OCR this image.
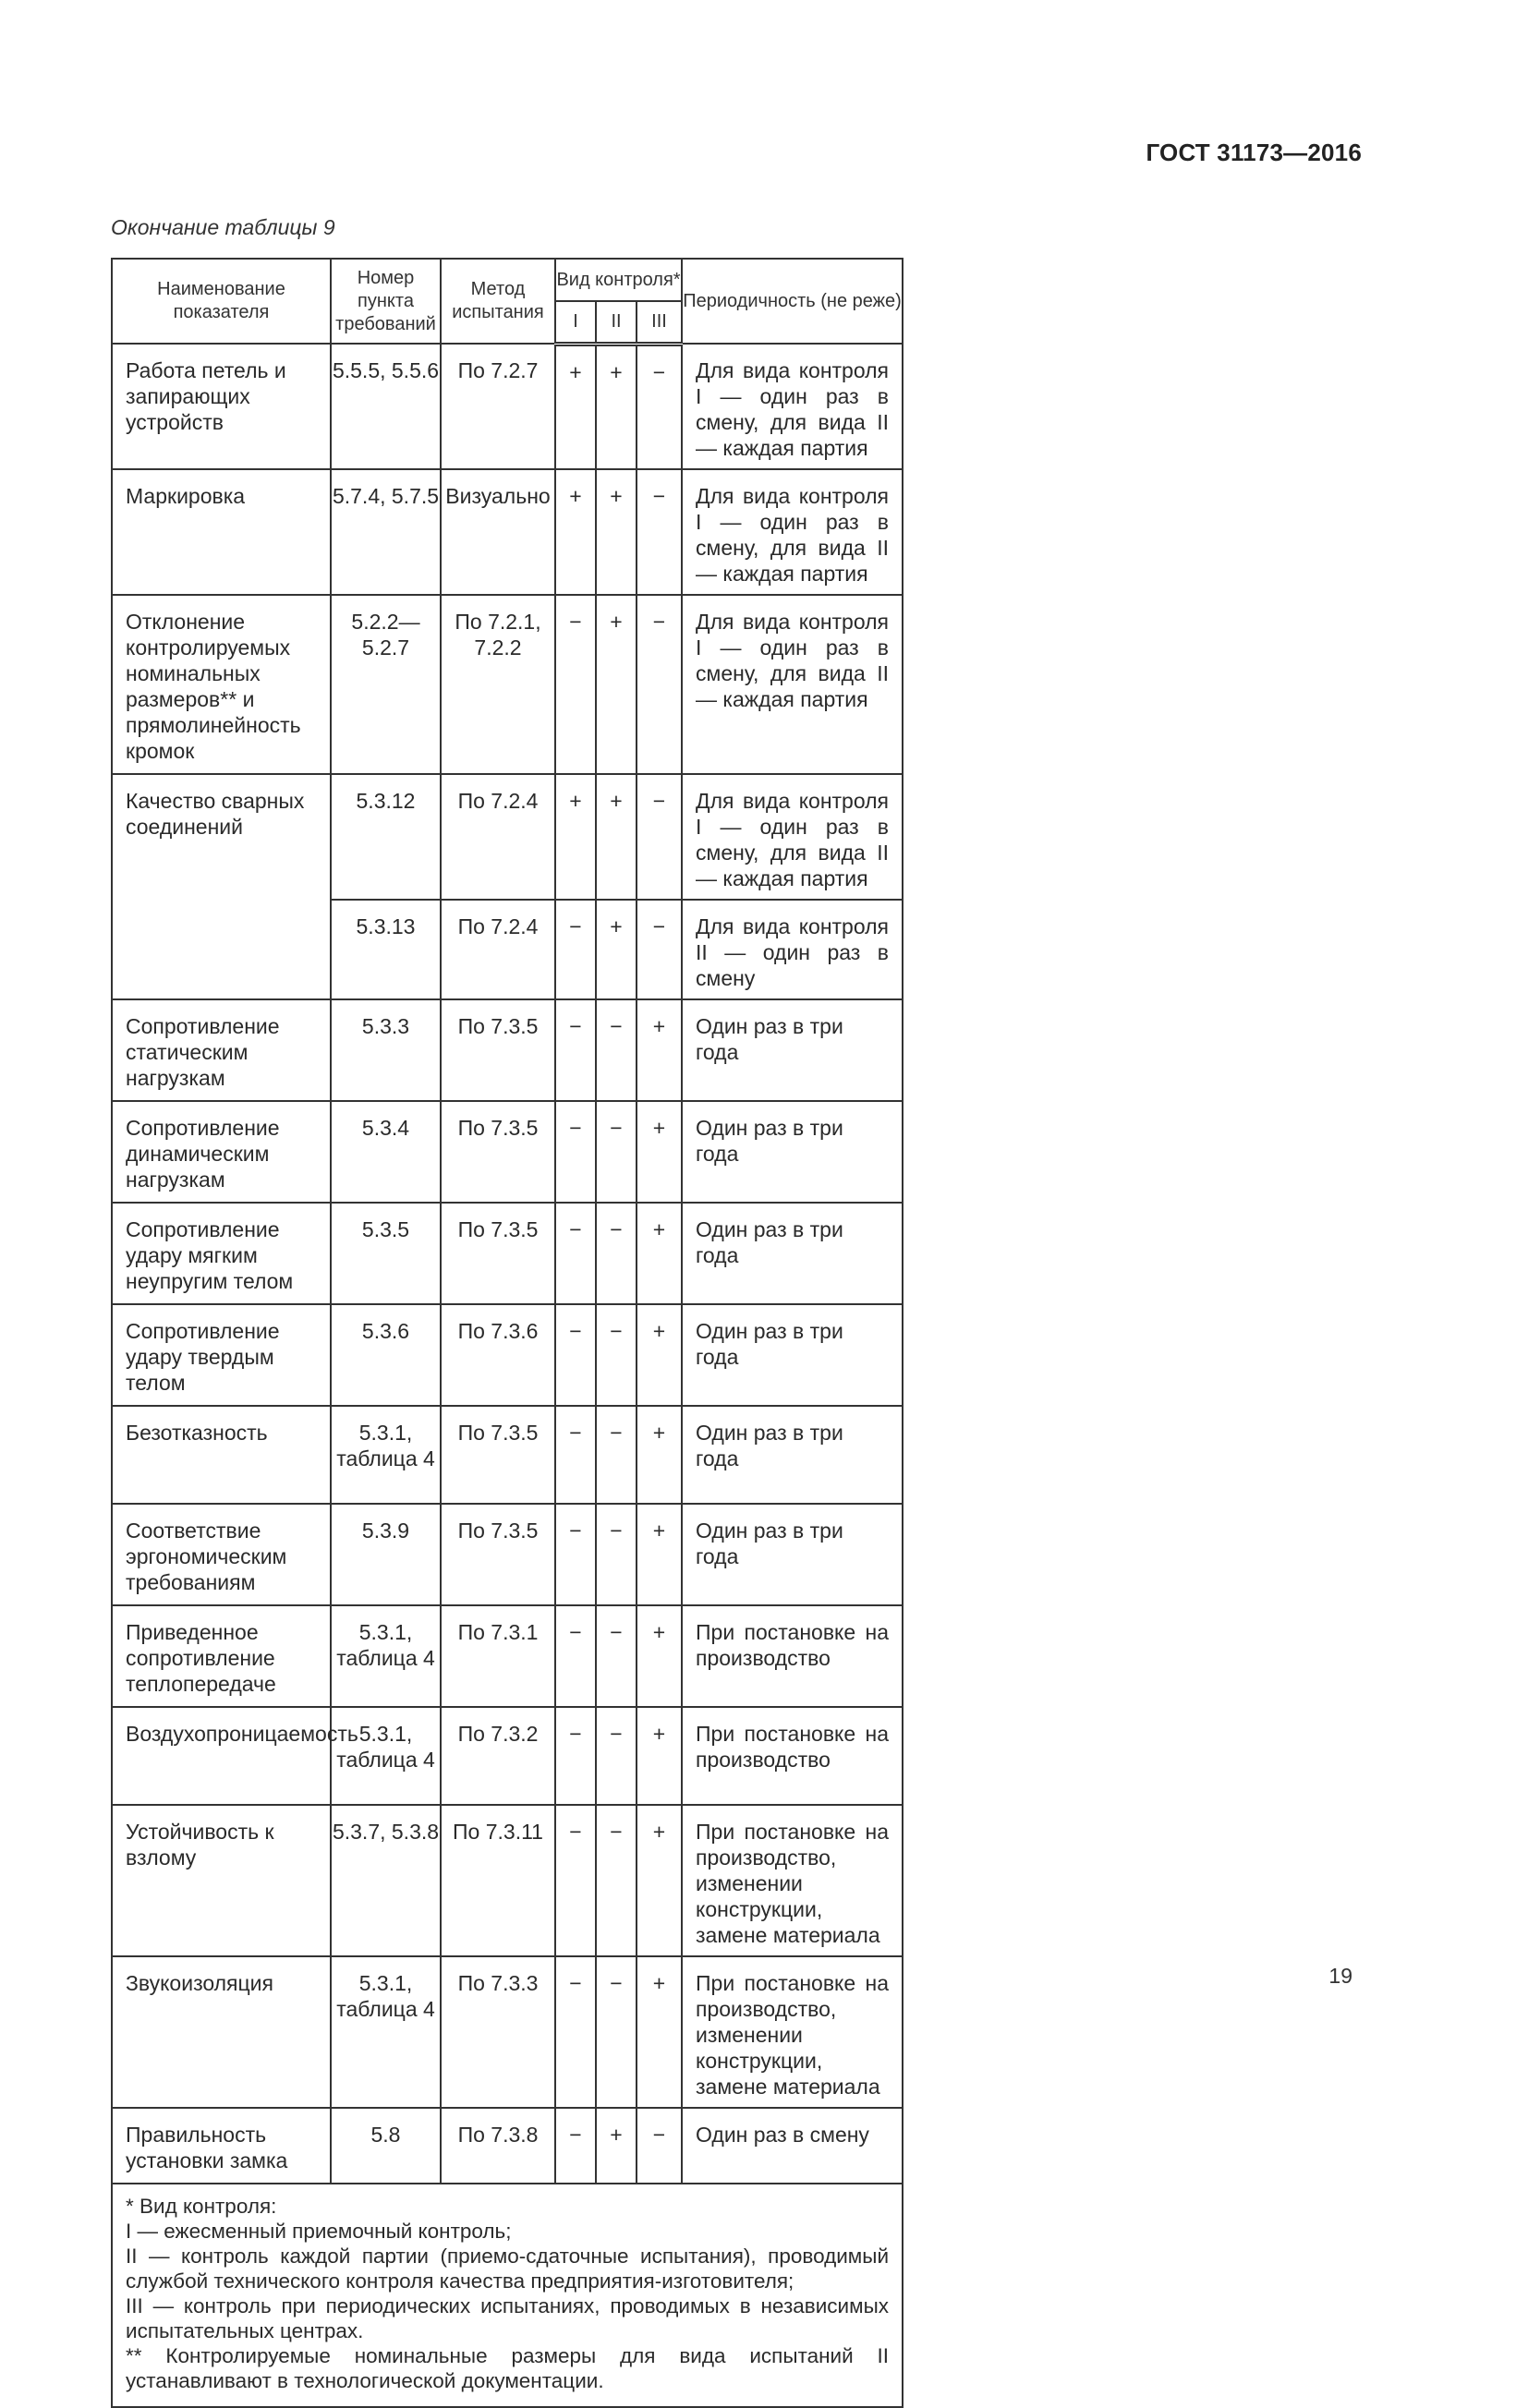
ГОСТ 31173—2016
Окончание таблицы 9
Наименование показателя	Номер пункта требований	Метод испытания	Вид контроля*			Периодичность (не реже)
			I	II	III	
Работа петель и запирающих устройств	5.5.5, 5.5.6	По 7.2.7	+	+	−	Для вида контроля I — один раз в смену, для вида II — каждая партия
Маркировка	5.7.4, 5.7.5	Визуально	+	+	−	Для вида контроля I — один раз в смену, для вида II — каждая партия
Отклонение контролируемых номинальных размеров** и прямолинейность кромок	5.2.2—5.2.7	По 7.2.1, 7.2.2	−	+	−	Для вида контроля I — один раз в смену, для вида II — каждая партия
Качество сварных соединений	5.3.12	По 7.2.4	+	+	−	Для вида контроля I — один раз в смену, для вида II — каждая партия
	5.3.13	По 7.2.4	−	+	−	Для вида контроля II — один раз в смену
Сопротивление статическим нагрузкам	5.3.3	По 7.3.5	−	−	+	Один раз в три года
Сопротивление динамическим нагрузкам	5.3.4	По 7.3.5	−	−	+	Один раз в три года
Сопротивление удару мягким неупругим телом	5.3.5	По 7.3.5	−	−	+	Один раз в три года
Сопротивление удару твердым телом	5.3.6	По 7.3.6	−	−	+	Один раз в три года
Безотказность	5.3.1, таблица 4	По 7.3.5	−	−	+	Один раз в три года
Соответствие эргономическим требованиям	5.3.9	По 7.3.5	−	−	+	Один раз в три года
Приведенное сопротивление теплопередаче	5.3.1, таблица 4	По 7.3.1	−	−	+	При постановке на производство
Воздухопроницаемость	5.3.1, таблица 4	По 7.3.2	−	−	+	При постановке на производство
Устойчивость к взлому	5.3.7, 5.3.8	По 7.3.11	−	−	+	При постановке на производство, изменении конструкции, замене материала
Звукоизоляция	5.3.1, таблица 4	По 7.3.3	−	−	+	При постановке на производство, изменении конструкции, замене материала
Правильность установки замка	5.8	По 7.3.8	−	+	−	Один раз в смену

* Вид контроля:
I — ежесменный приемочный контроль;
II — контроль каждой партии (приемо-сдаточные испытания), проводимый службой технического контроля качества предприятия-изготовителя;
III — контроль при периодических испытаниях, проводимых в независимых испытательных центрах.
** Контролируемые номинальные размеры для вида испытаний II устанавливают в технологической документации.						
19
